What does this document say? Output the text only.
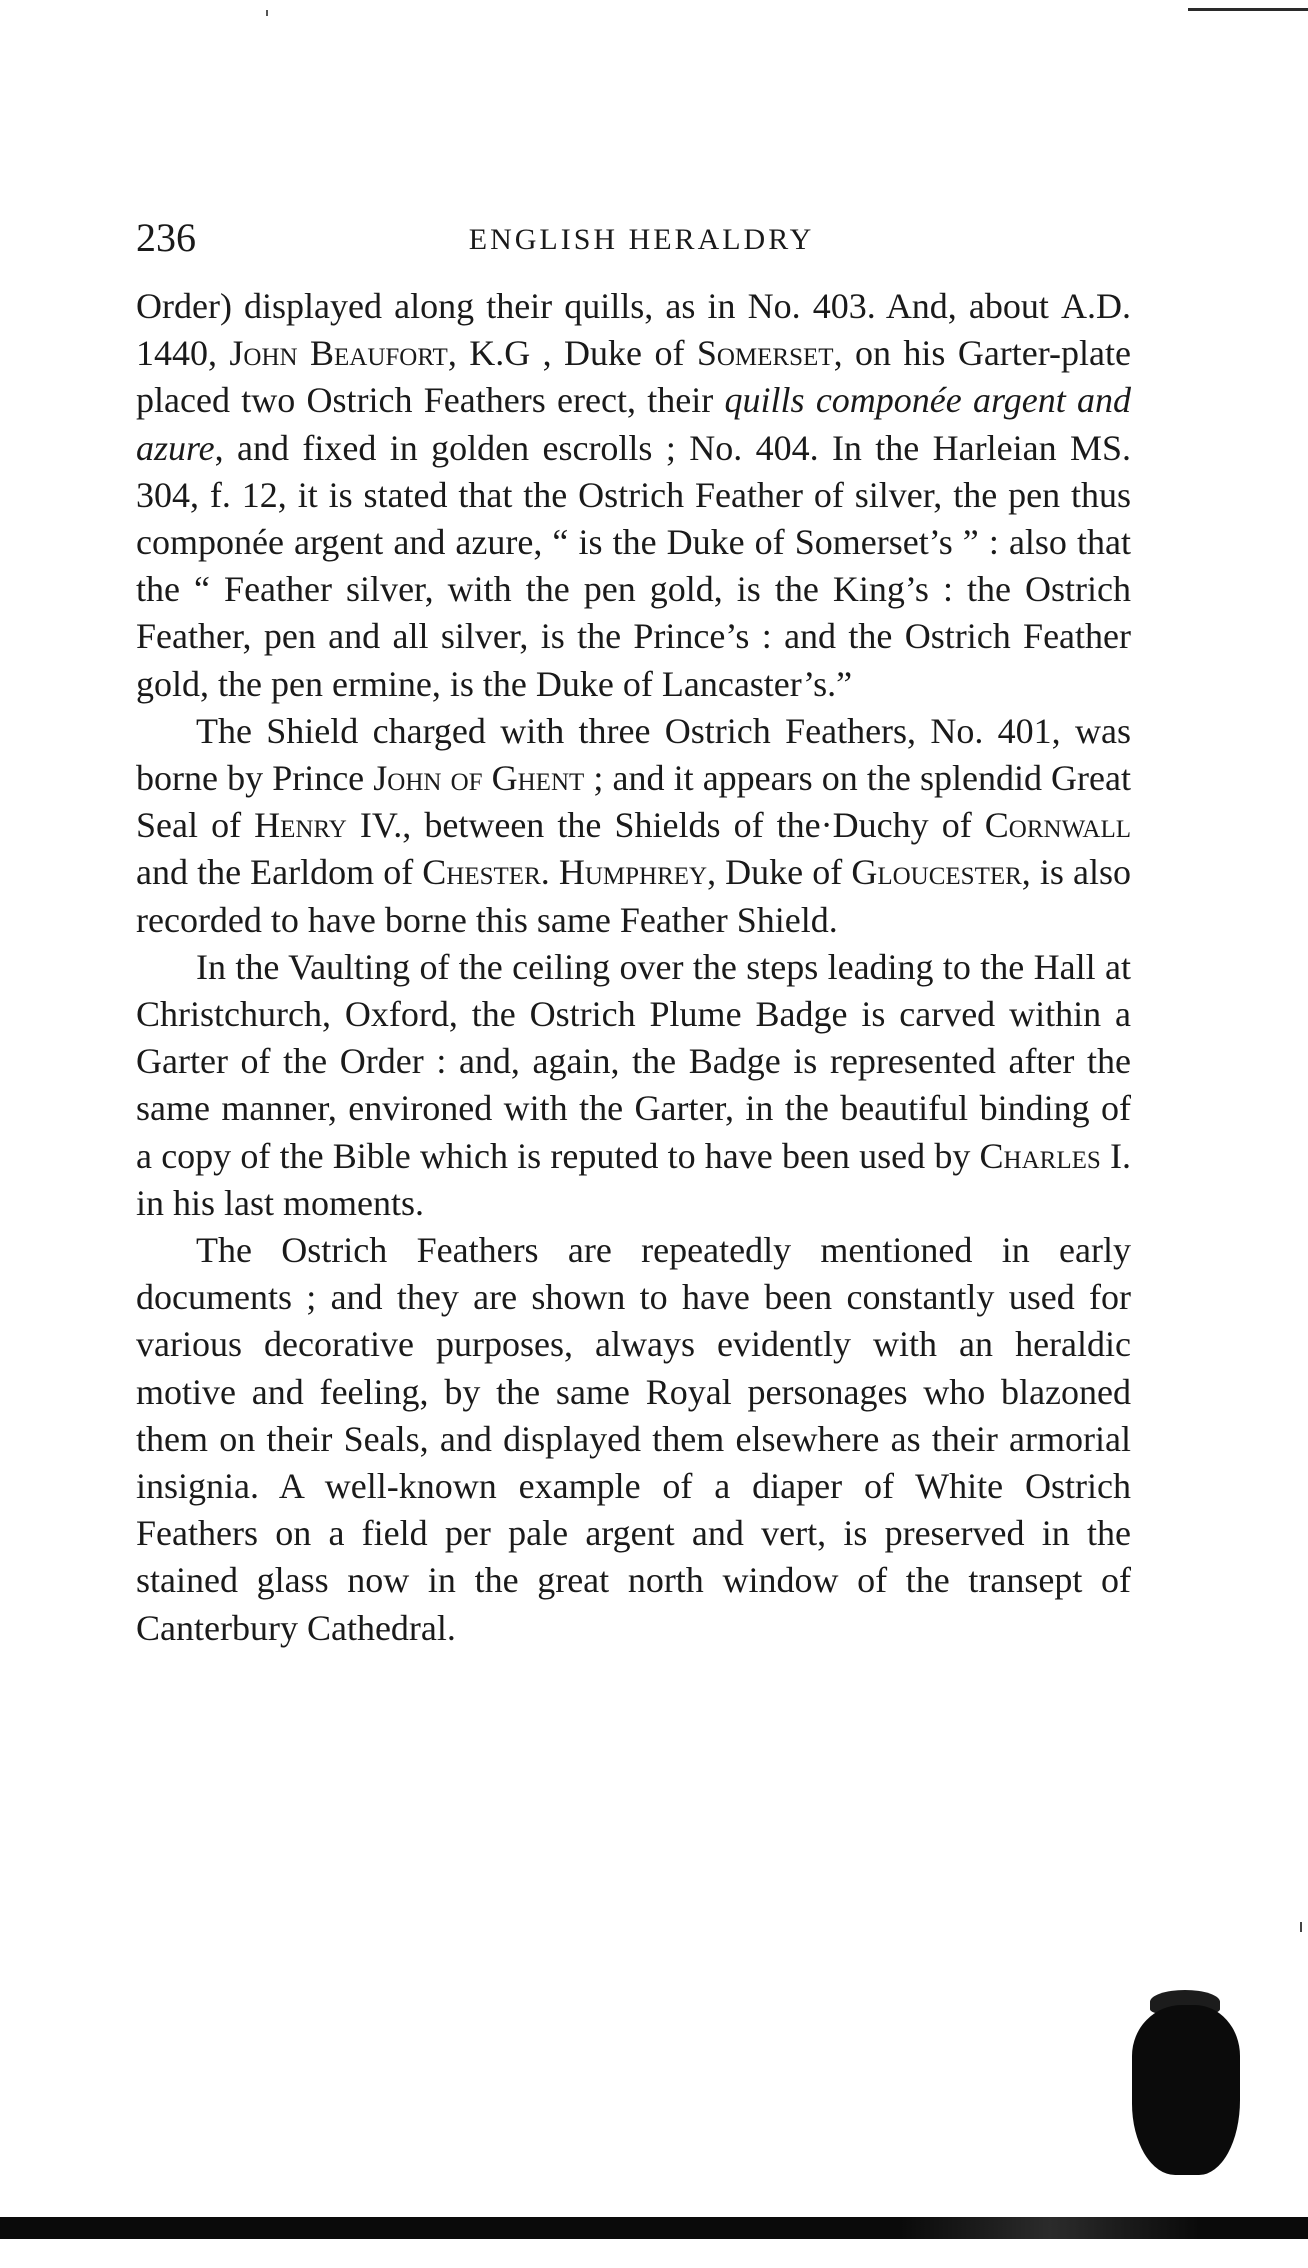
236	ENGLISH HERALDRY

Order) displayed along their quills, as in No. 403. And, about A.D. 1440, John Beaufort, K.G , Duke of Somerset, on his Garter-plate placed two Ostrich Feathers erect, their quills componée argent and azure, and fixed in golden escrolls ; No. 404. In the Harleian MS. 304, f. 12, it is stated that the Ostrich Feather of silver, the pen thus componée argent and azure, “ is the Duke of Somerset’s ” : also that the “ Feather silver, with the pen gold, is the King’s : the Ostrich Feather, pen and all silver, is the Prince’s : and the Ostrich Feather gold, the pen ermine, is the Duke of Lancaster’s.”

The Shield charged with three Ostrich Feathers, No. 401, was borne by Prince John of Ghent ; and it appears on the splendid Great Seal of Henry IV., between the Shields of the·Duchy of Cornwall and the Earldom of Chester. Humphrey, Duke of Gloucester, is also recorded to have borne this same Feather Shield.

In the Vaulting of the ceiling over the steps leading to the Hall at Christchurch, Oxford, the Ostrich Plume Badge is carved within a Garter of the Order : and, again, the Badge is represented after the same manner, environed with the Garter, in the beautiful binding of a copy of the Bible which is reputed to have been used by Charles I. in his last moments.

The Ostrich Feathers are repeatedly mentioned in early documents ; and they are shown to have been constantly used for various decorative purposes, always evidently with an heraldic motive and feeling, by the same Royal personages who blazoned them on their Seals, and displayed them elsewhere as their armorial insignia. A well-known example of a diaper of White Ostrich Feathers on a field per pale argent and vert, is preserved in the stained glass now in the great north window of the transept of Canterbury Cathedral.
